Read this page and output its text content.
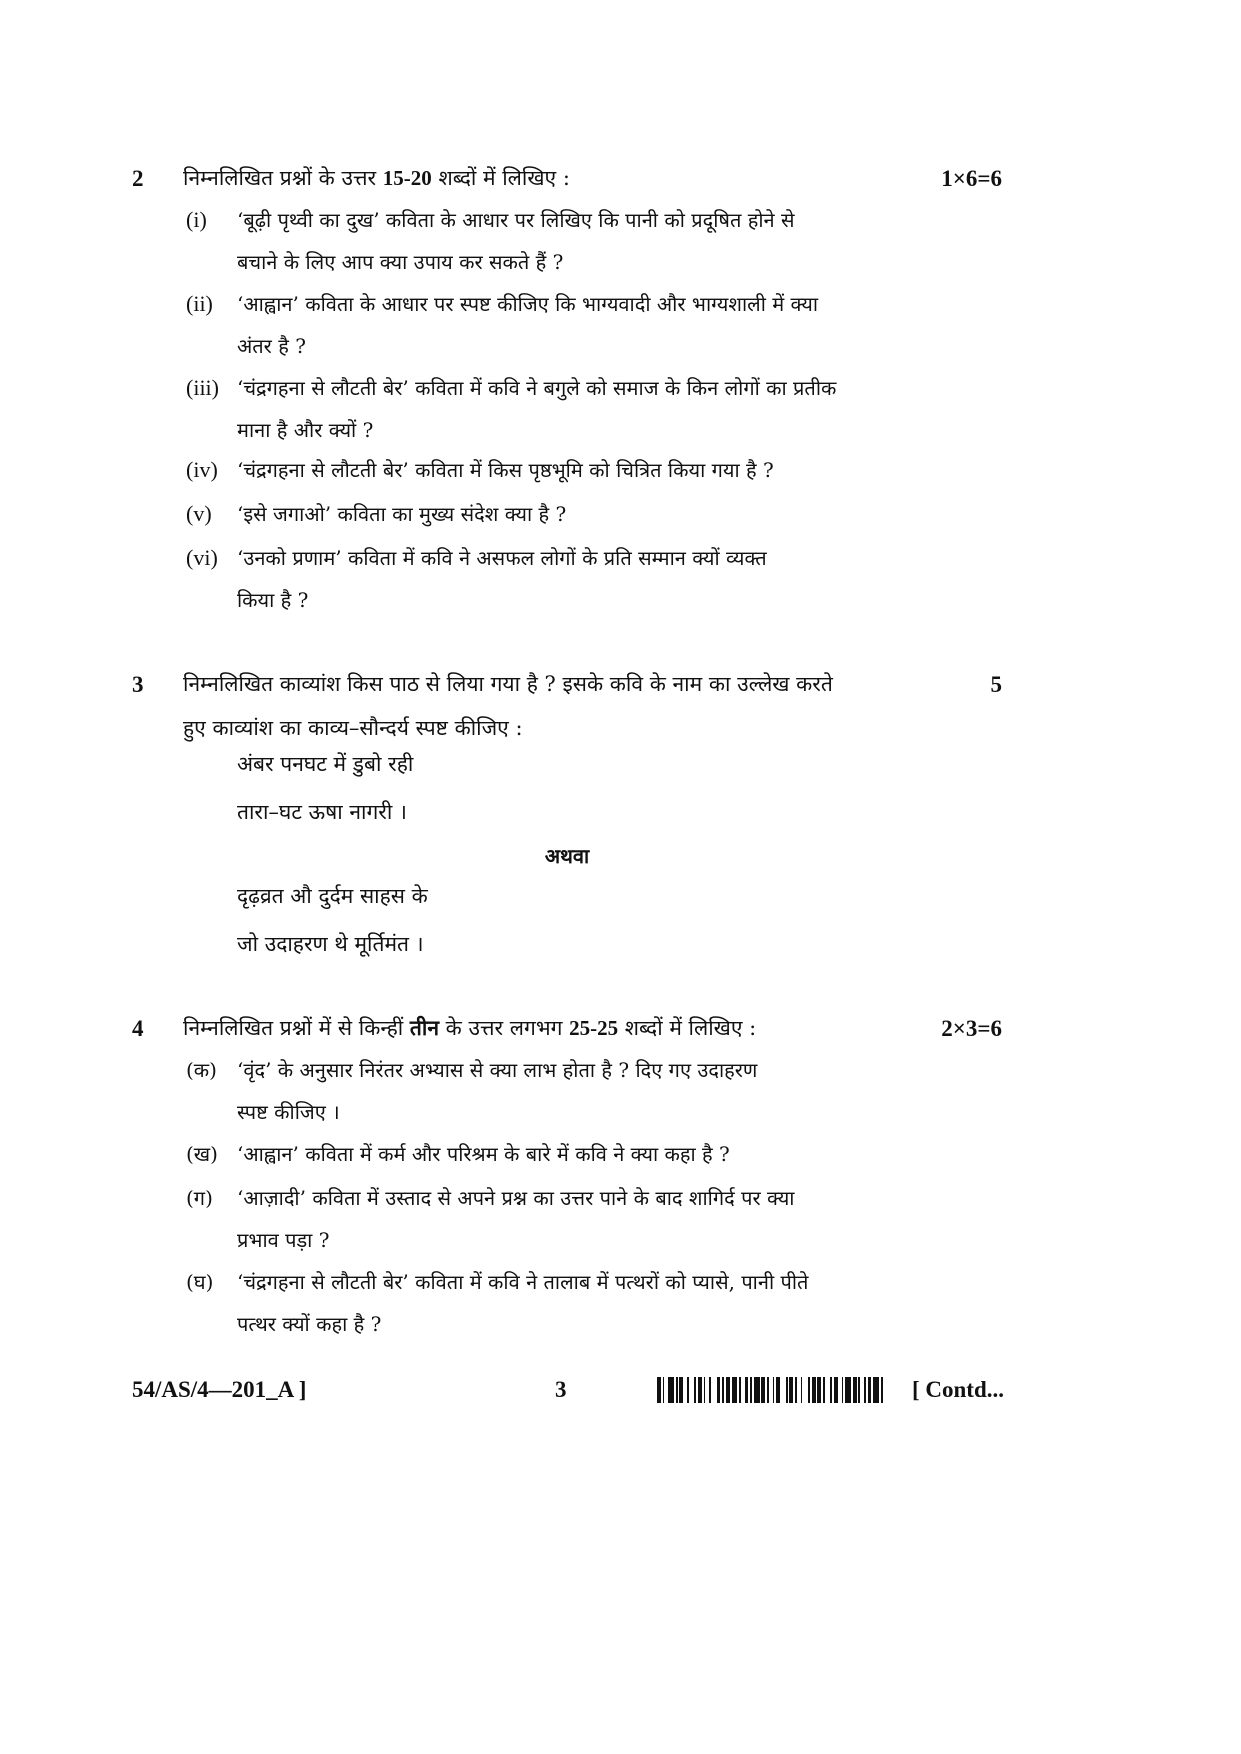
2 निम्नलिखित प्रश्नों के उत्तर 15-20 शब्दों में लिखिए :	1×6=6
(i) ‘बूढ़ी पृथ्वी का दुख’ कविता के आधार पर लिखिए कि पानी को प्रदूषित होने से
बचाने के लिए आप क्या उपाय कर सकते हैं ?
(ii) ‘आह्वान’ कविता के आधार पर स्पष्ट कीजिए कि भाग्यवादी और भाग्यशाली में क्या
अंतर है ?
(iii) ‘चंद्रगहना से लौटती बेर’ कविता में कवि ने बगुले को समाज के किन लोगों का प्रतीक
माना है और क्यों ?
(iv) ‘चंद्रगहना से लौटती बेर’ कविता में किस पृष्ठभूमि को चित्रित किया गया है ?
(v) ‘इसे जगाओ’ कविता का मुख्य संदेश क्या है ?
(vi) ‘उनको प्रणाम’ कविता में कवि ने असफल लोगों के प्रति सम्मान क्यों व्यक्त
किया है ?
3 निम्नलिखित काव्यांश किस पाठ से लिया गया है ? इसके कवि के नाम का उल्लेख करते
हुए काव्यांश का काव्य–सौन्दर्य स्पष्ट कीजिए :
5
अंबर पनघट में डुबो रही
तारा–घट ऊषा नागरी ।
अथवा
दृढ़व्रत औ दुर्दम साहस के
जो उदाहरण थे मूर्तिमंत ।
4 निम्नलिखित प्रश्नों में से किन्हीं तीन के उत्तर लगभग 25-25 शब्दों में लिखिए :	2×3=6
(क) ‘वृंद’ के अनुसार निरंतर अभ्यास से क्या लाभ होता है ? दिए गए उदाहरण
स्पष्ट कीजिए ।
(ख) ‘आह्वान’ कविता में कर्म और परिश्रम के बारे में कवि ने क्या कहा है ?
(ग) ‘आज़ादी’ कविता में उस्ताद से अपने प्रश्न का उत्तर पाने के बाद शागिर्द पर क्या
प्रभाव पड़ा ?
(घ) ‘चंद्रगहना से लौटती बेर’ कविता में कवि ने तालाब में पत्थरों को प्यासे, पानी पीते
पत्थर क्यों कहा है ?
54/AS/4—201_A ]	3	[ Contd...
